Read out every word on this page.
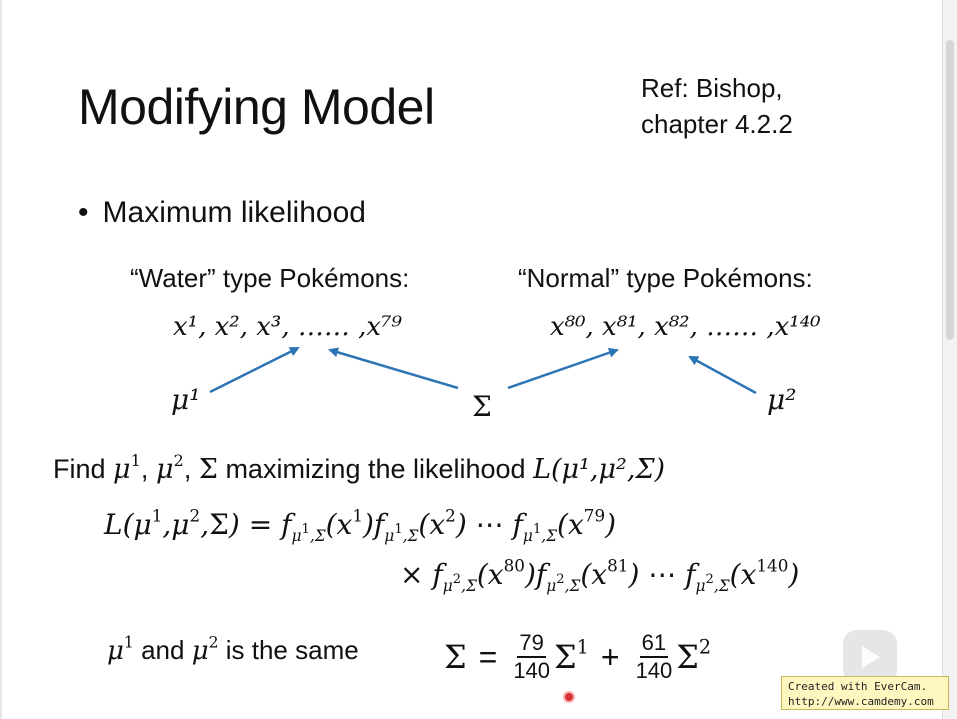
Modifying Model	Ref: Bishop,
chapter 4.2.2
• Maximum likelihood
“Water” type Pokémons:	“Normal” type Pokémons:
x¹, x², x³, …… ,x⁷⁹	x⁸⁰, x⁸¹, x⁸², …… ,x¹⁴⁰
μ¹	Σ	μ²
Find $\mu^1$, $\mu^2$, Σ maximizing the likelihood L(μ¹,μ²,Σ)
$L(\mu^1,\mu^2,\Sigma) = f_{\mu^1,\Sigma}(x^1)f_{\mu^1,\Sigma}(x^2)$ ⋯ $f_{\mu^1,\Sigma}(x^{79})$
× $f_{\mu^2,\Sigma}(x^{80})f_{\mu^2,\Sigma}(x^{81})$ ⋯ $f_{\mu^2,\Sigma}(x^{140})$
$\mu^1$ and $\mu^2$ is the same	$\Sigma = \frac{79}{140} \Sigma^1 + \frac{61}{140} \Sigma^2$
Created with EverCam.
http://www.camdemy.com
